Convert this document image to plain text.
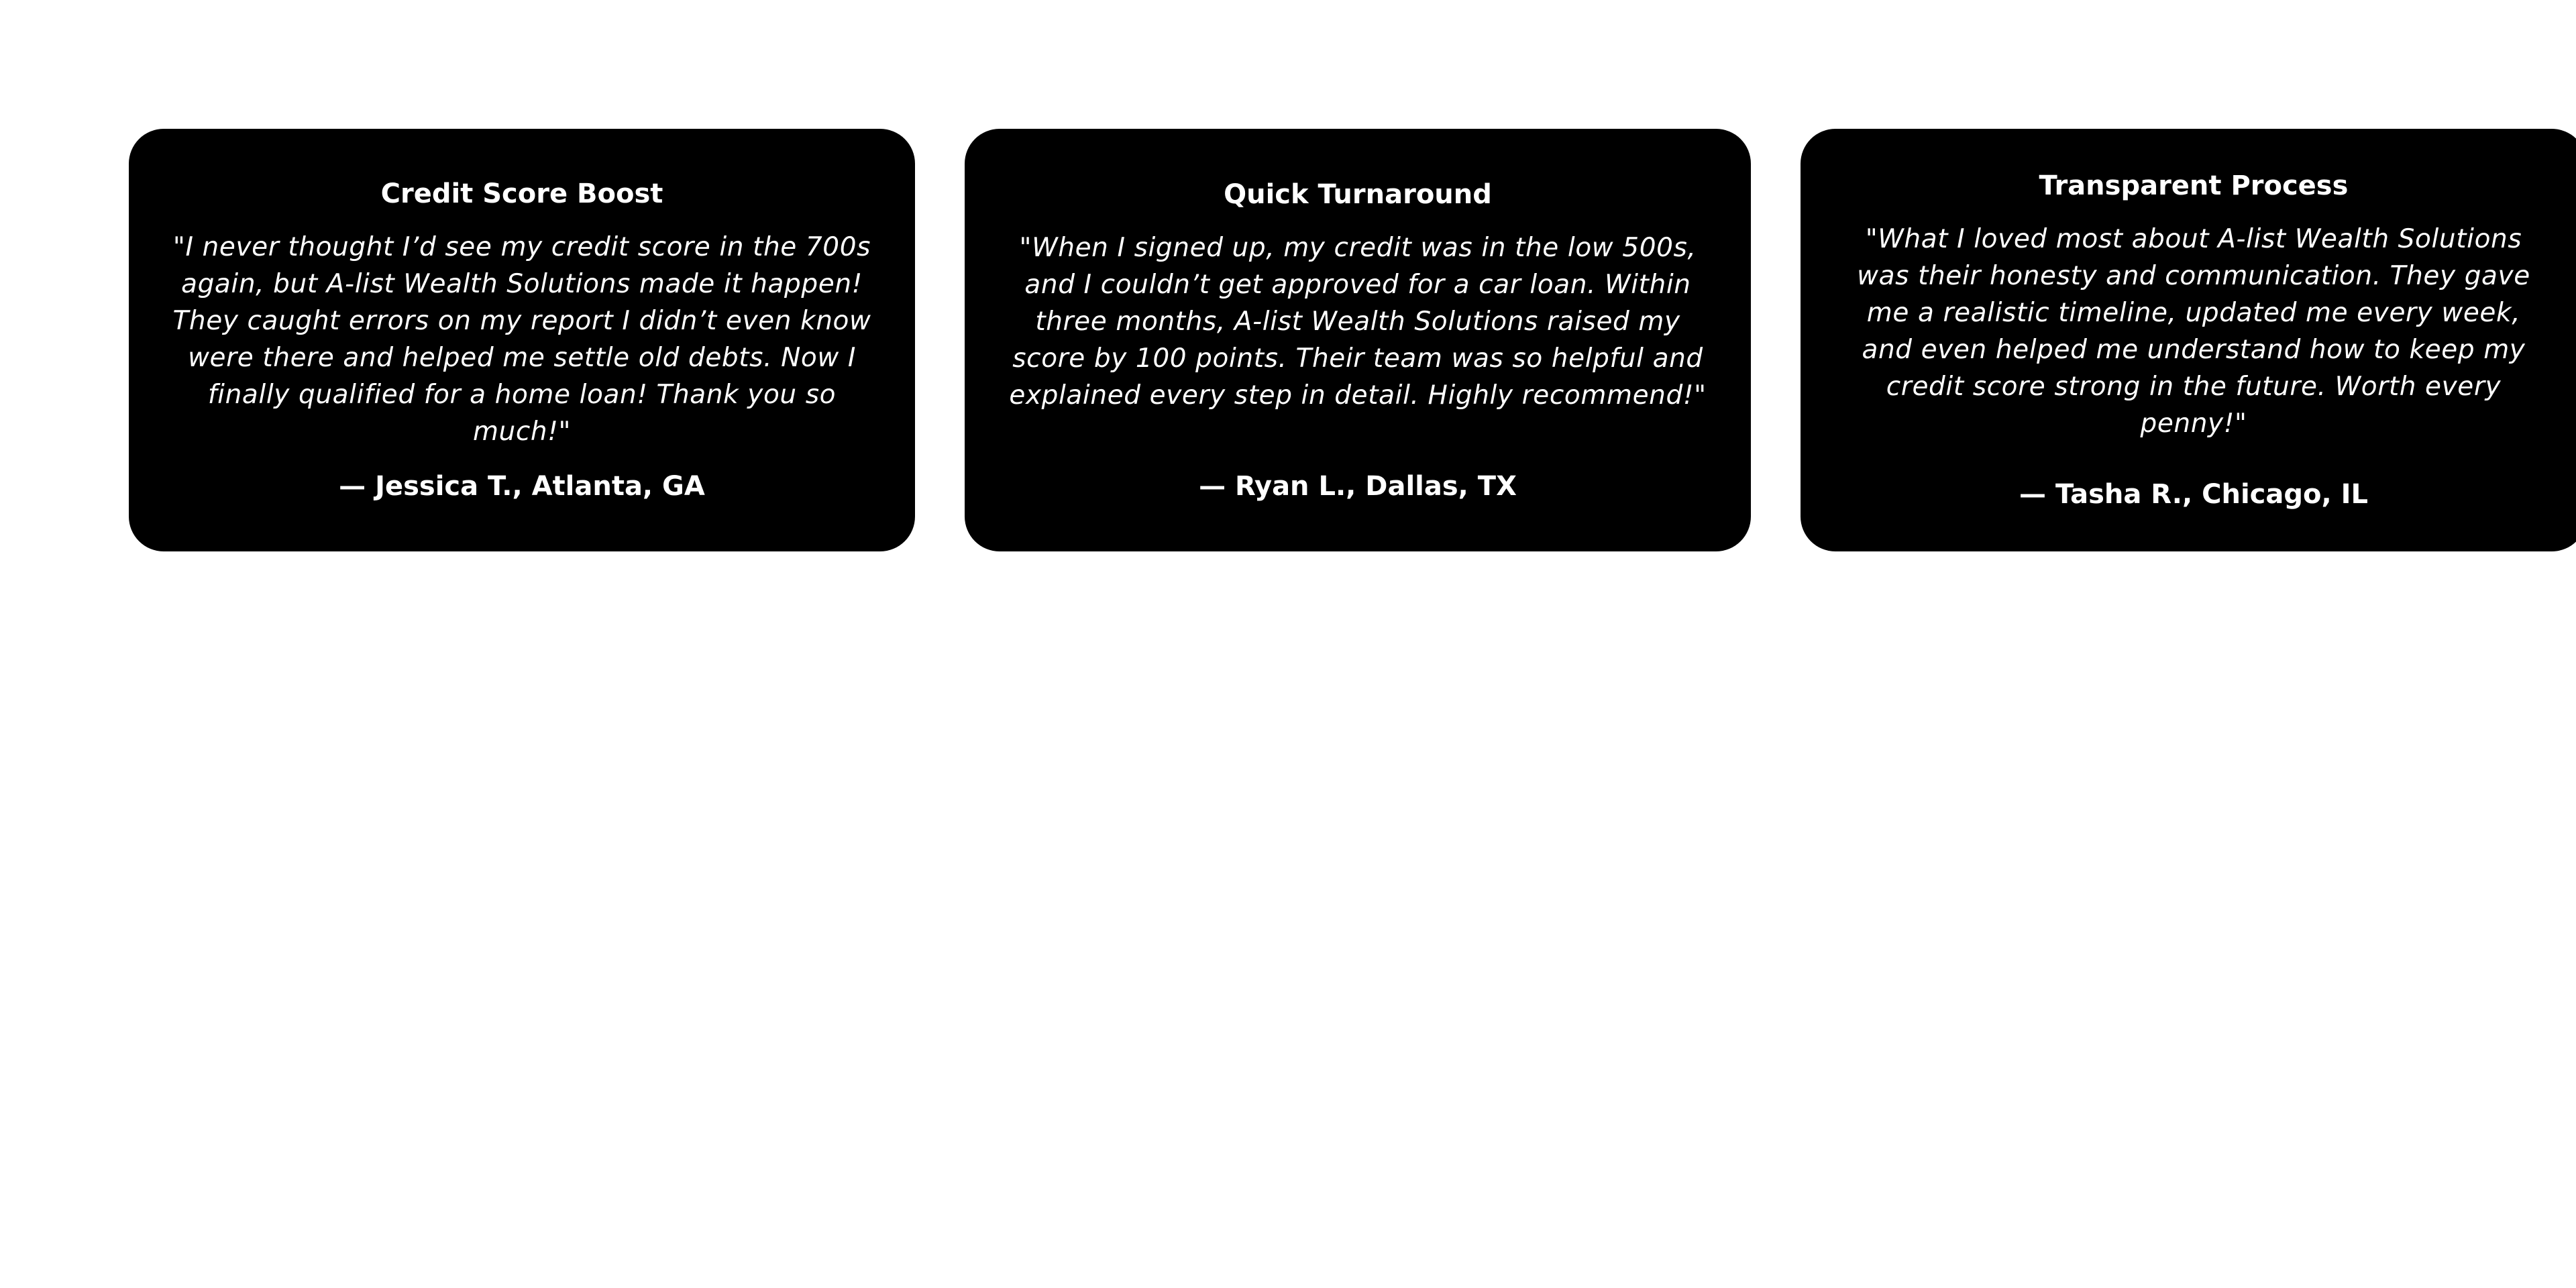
Credit Score Boost

"I never thought I’d see my credit score in the 700s again, but A-list Wealth Solutions made it happen! They caught errors on my report I didn’t even know were there and helped me settle old debts. Now I finally qualified for a home loan! Thank you so much!"

— Jessica T., Atlanta, GA
Quick Turnaround

"When I signed up, my credit was in the low 500s, and I couldn’t get approved for a car loan. Within three months, A-list Wealth Solutions raised my score by 100 points. Their team was so helpful and explained every step in detail. Highly recommend!"

— Ryan L., Dallas, TX
Transparent Process

"What I loved most about A-list Wealth Solutions was their honesty and communication. They gave me a realistic timeline, updated me every week, and even helped me understand how to keep my credit score strong in the future. Worth every penny!"

— Tasha R., Chicago, IL
